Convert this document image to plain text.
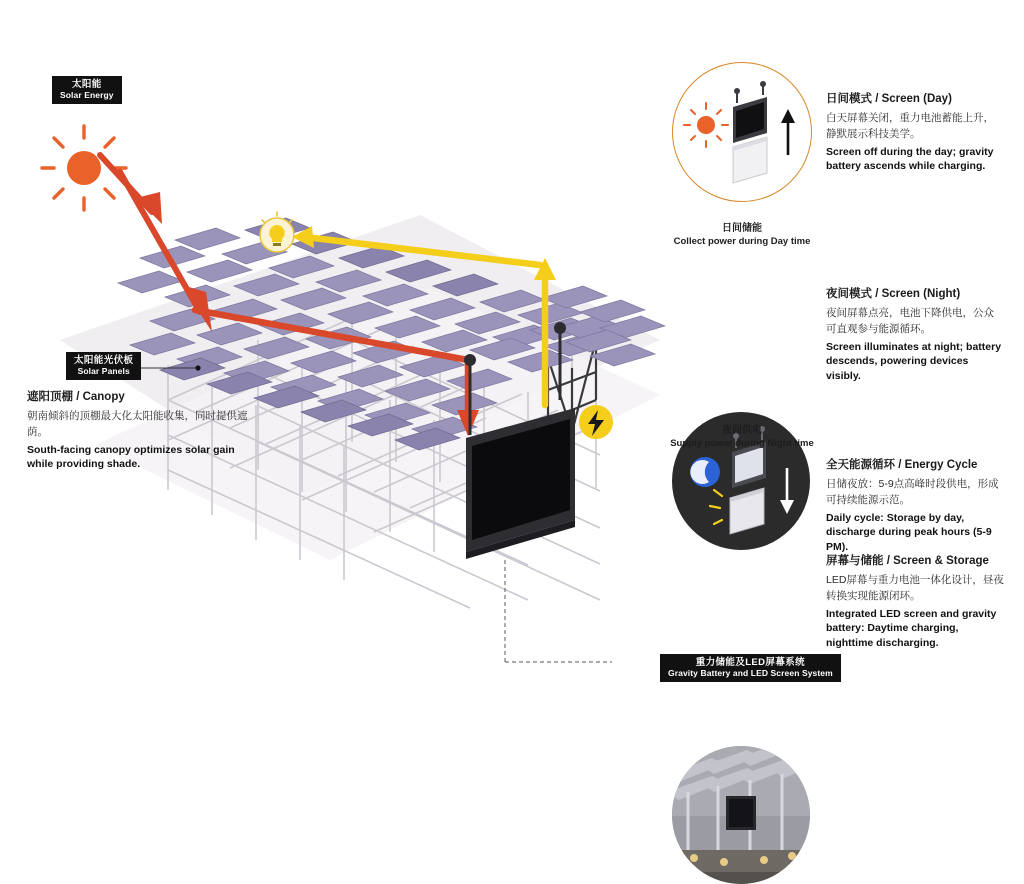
太阳能
Solar Energy
太阳能光伏板
Solar Panels
遮阳顶棚 / Canopy
朝南倾斜的顶棚最大化太阳能收集，同时提供遮荫。
South-facing canopy optimizes solar gain while providing shade.
重力储能及LED屏幕系统
Gravity Battery and LED Screen System
日间模式 / Screen (Day)
白天屏幕关闭，重力电池蓄能上升，静默展示科技美学。
Screen off during the day; gravity battery ascends while charging.
日间储能
Collect power during Day time
夜间模式 / Screen (Night)
夜间屏幕点亮，电池下降供电，公众可直观参与能源循环。
Screen illuminates at night; battery descends, powering devices visibly.
夜间供电
Supply power during Night time
全天能源循环 / Energy Cycle
日储夜放：5-9点高峰时段供电，形成可持续能源示范。
Daily cycle: Storage by day, discharge during peak hours (5-9 PM).
屏幕与储能 / Screen & Storage
LED屏幕与重力电池一体化设计，昼夜转换实现能源闭环。
Integrated LED screen and gravity battery: Daytime charging, nighttime discharging.
